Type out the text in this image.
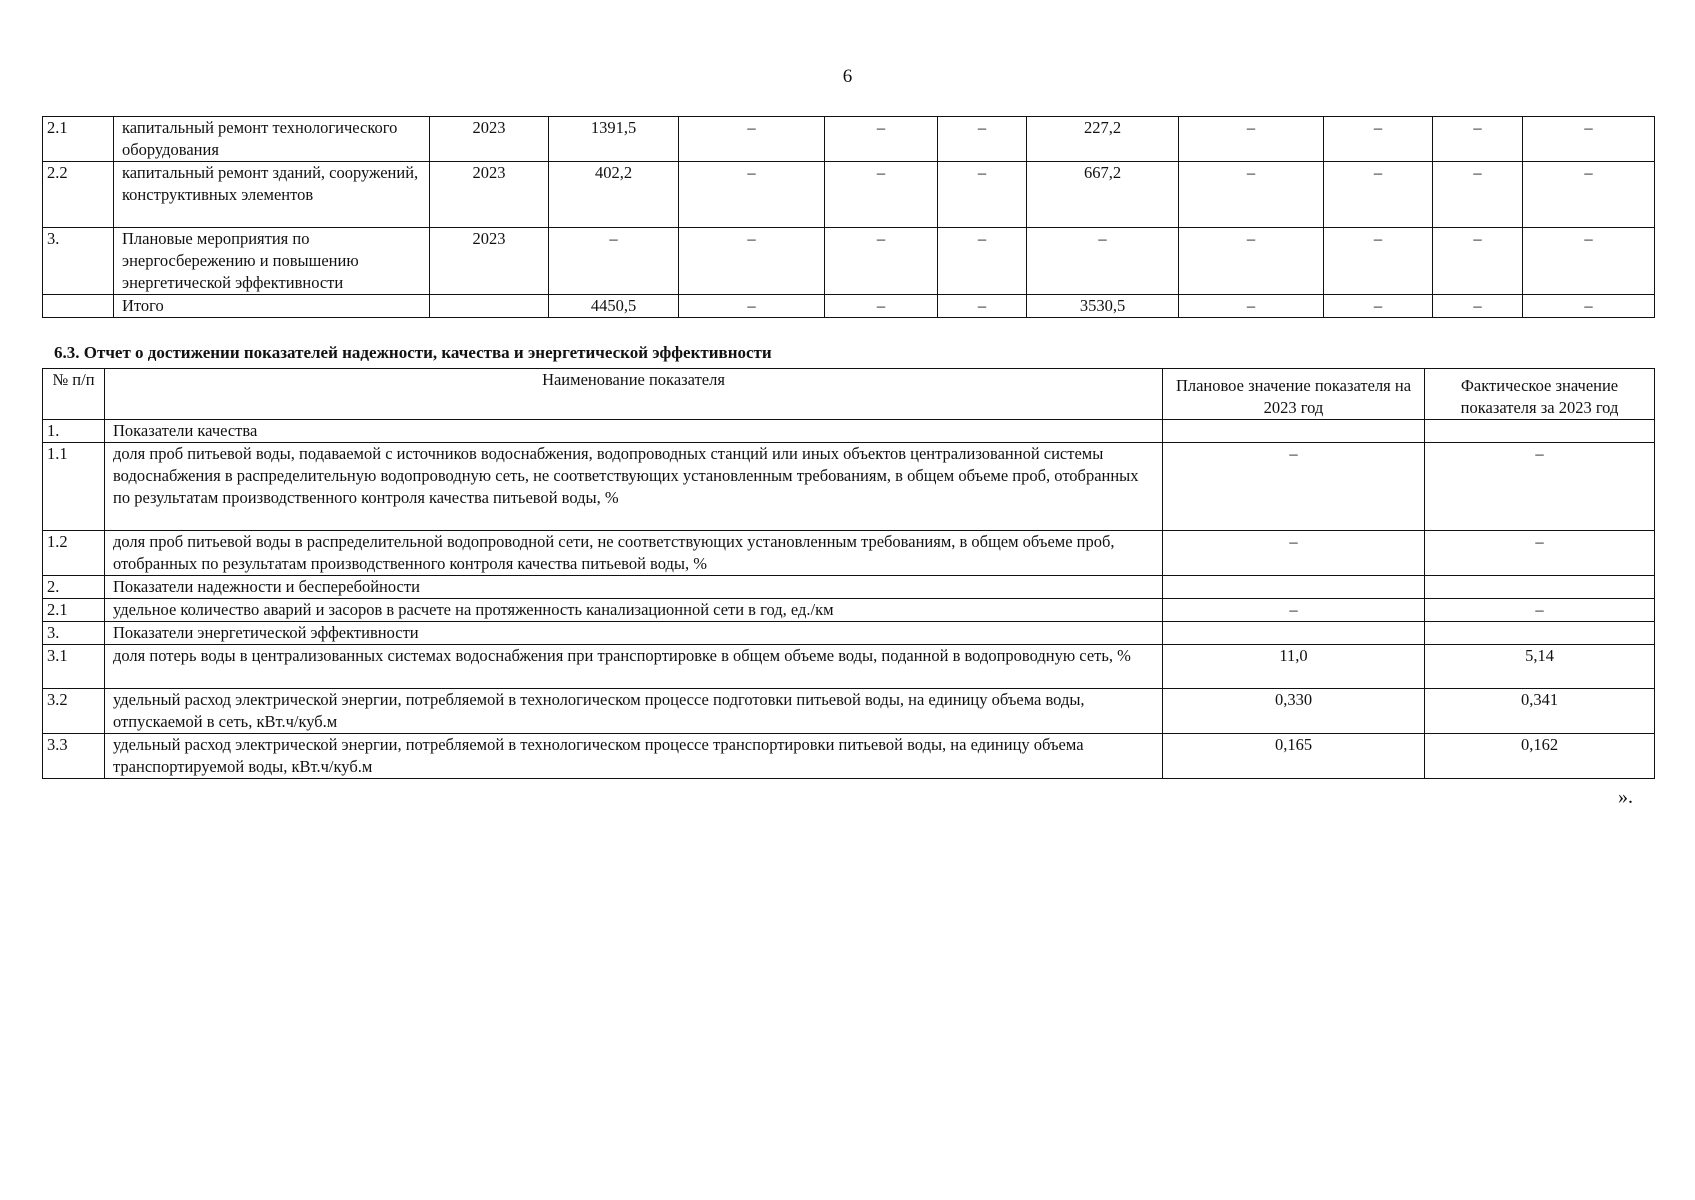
6
2.1	капитальный ремонт технологического оборудования	2023	1391,5	–	–	–	227,2	–	–	–	–
2.2	капитальный ремонт зданий, сооружений, конструктивных элементов	2023	402,2	–	–	–	667,2	–	–	–	–
3.	Плановые мероприятия по энергосбережению и повышению энергетической эффективности	2023	–	–	–	–	–	–	–	–	–
	Итого		4450,5	–	–	–	3530,5	–	–	–	–
6.3. Отчет о достижении показателей надежности, качества и энергетической эффективности
№ п/п	Наименование показателя	Плановое значение показателя на 2023 год	Фактическое значение показателя за 2023 год
1.	Показатели качества		
1.1	доля проб питьевой воды, подаваемой с источников водоснабжения, водопроводных станций или иных объектов централизованной системы водоснабжения в распределительную водопроводную сеть, не соответствующих установленным требованиям, в общем объеме проб, отобранных по результатам производственного контроля качества питьевой воды, %	–	–
1.2	доля проб питьевой воды в распределительной водопроводной сети, не соответствующих установленным требованиям, в общем объеме проб, отобранных по результатам производственного контроля качества питьевой воды, %	–	–
2.	Показатели надежности и бесперебойности		
2.1	удельное количество аварий и засоров в расчете на протяженность канализационной сети в год, ед./км	–	–
3.	Показатели энергетической эффективности		
3.1	доля потерь воды в централизованных системах водоснабжения при транспортировке в общем объеме воды, поданной в водопроводную сеть, %	11,0	5,14
3.2	удельный расход электрической энергии, потребляемой в технологическом процессе подготовки питьевой воды, на единицу объема воды, отпускаемой в сеть, кВт.ч/куб.м	0,330	0,341
3.3	удельный расход электрической энергии, потребляемой в технологическом процессе транспортировки питьевой воды, на единицу объема транспортируемой воды, кВт.ч/куб.м	0,165	0,162
».
